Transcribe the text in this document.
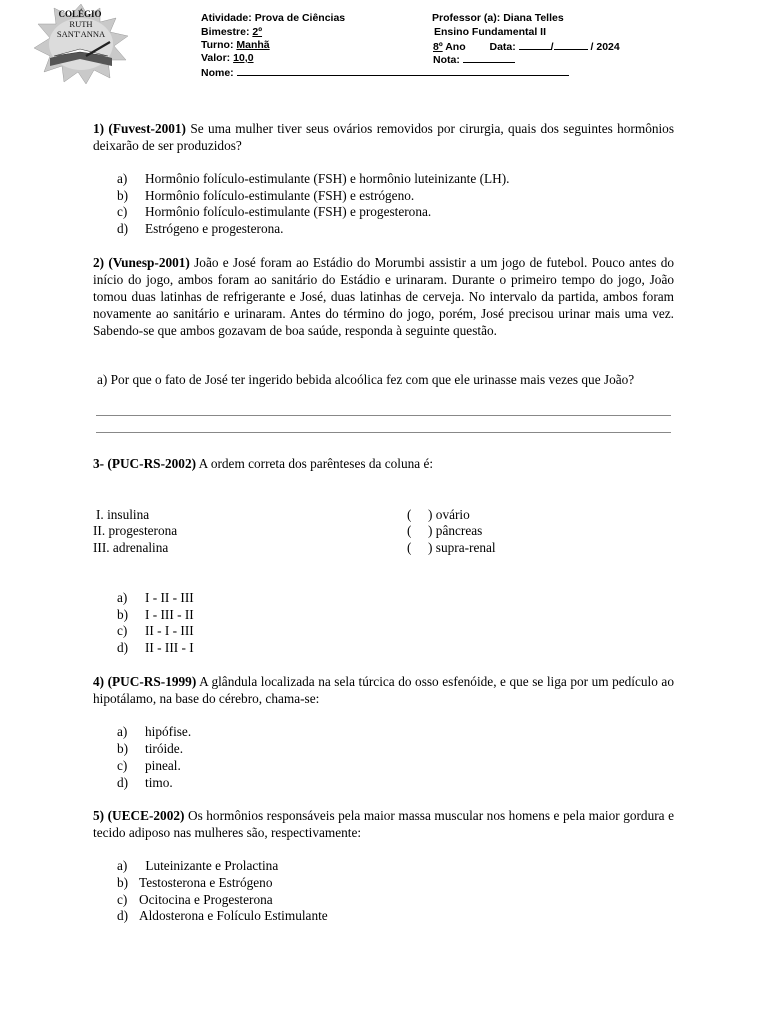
COLÉGIO
RUTH
SANT'ANNA
Atividade: Prova de Ciências
Bimestre: 2º
Turno: Manhã
Valor: 10,0
Nome:
Professor (a): Diana Telles
Ensino Fundamental II
8º Ano Data:	/	/ 2024
Nota:
1) (Fuvest-2001) Se uma mulher tiver seus ovários removidos por cirurgia, quais dos seguintes hormônios deixarão de ser produzidos?
a) Hormônio folículo-estimulante (FSH) e hormônio luteinizante (LH).
b) Hormônio folículo-estimulante (FSH) e estrógeno.
c) Hormônio folículo-estimulante (FSH) e progesterona.
d) Estrógeno e progesterona.
2) (Vunesp-2001) João e José foram ao Estádio do Morumbi assistir a um jogo de futebol. Pouco antes do início do jogo, ambos foram ao sanitário do Estádio e urinaram. Durante o primeiro tempo do jogo, João tomou duas latinhas de refrigerante e José, duas latinhas de cerveja. No intervalo da partida, ambos foram novamente ao sanitário e urinaram. Antes do término do jogo, porém, José precisou urinar mais uma vez. Sabendo-se que ambos gozavam de boa saúde, responda à seguinte questão.
a) Por que o fato de José ter ingerido bebida alcoólica fez com que ele urinasse mais vezes que João?
3- (PUC-RS-2002) A ordem correta dos parênteses da coluna é:
I. insulina
II. progesterona
III. adrenalina
(     ) ovário
(     ) pâncreas
(     ) supra-renal
a) I - II - III
b) I - III - II
c) II - I - III
d) II - III - I
4) (PUC-RS-1999) A glândula localizada na sela túrcica do osso esfenóide, e que se liga por um pedículo ao hipotálamo, na base do cérebro, chama-se:
a) hipófise.
b) tiróide.
c) pineal.
d) timo.
5) (UECE-2002) Os hormônios responsáveis pela maior massa muscular nos homens e pela maior gordura e tecido adiposo nas mulheres são, respectivamente:
a) Luteinizante e Prolactina
b) Testosterona e Estrógeno
c) Ocitocina e Progesterona
d) Aldosterona e Folículo Estimulante
